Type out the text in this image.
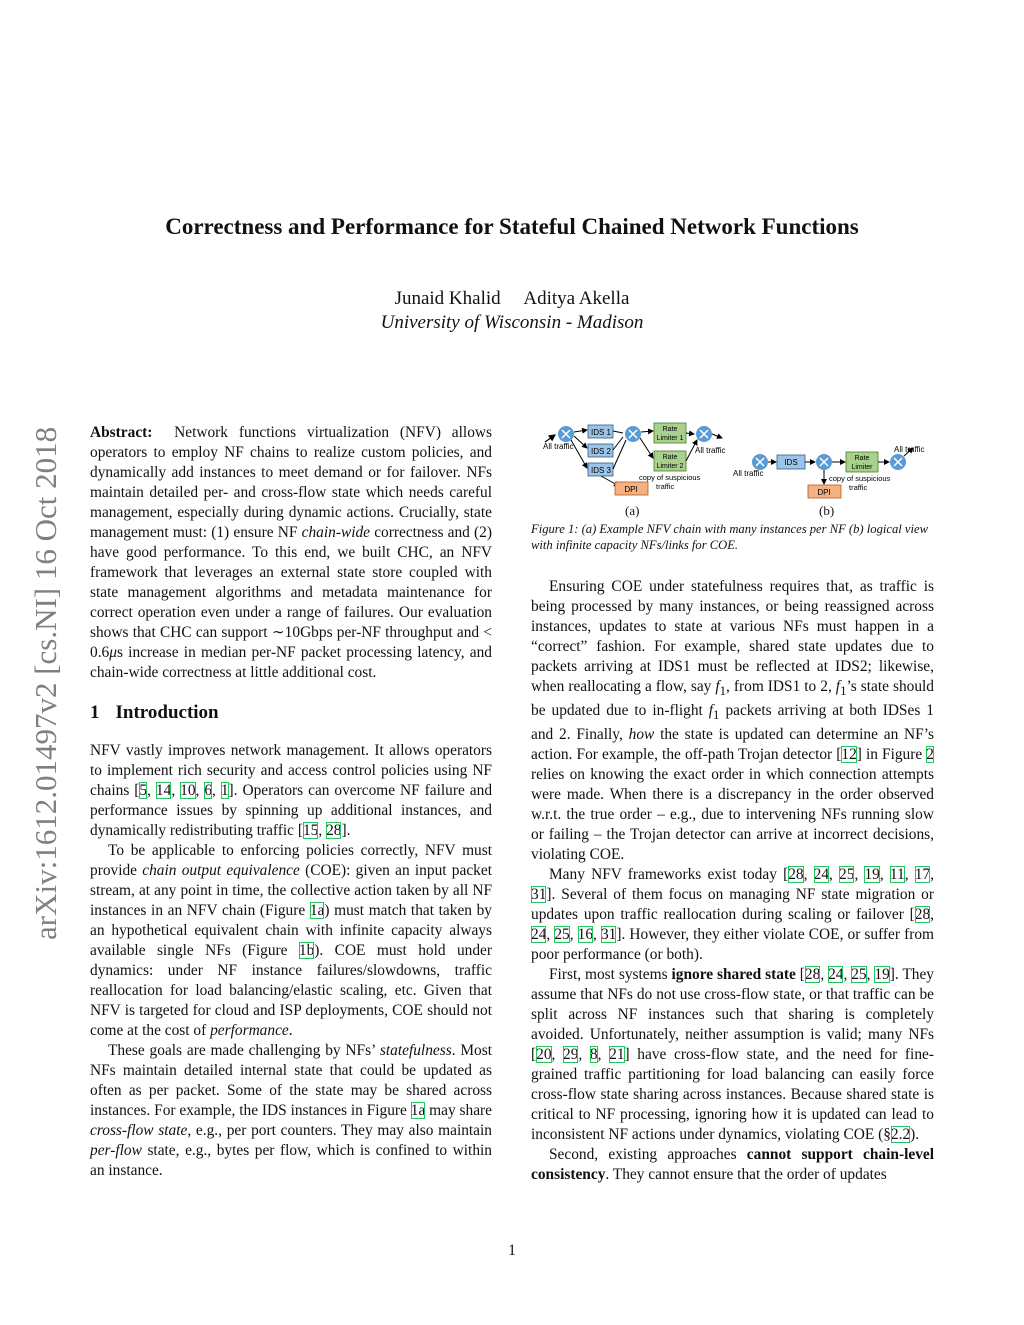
arXiv:1612.01497v2 [cs.NI] 16 Oct 2018
Correctness and Performance for Stateful Chained Network Functions
Junaid Khalid     Aditya Akella
University of Wisconsin - Madison

Abstract:  Network functions virtualization (NFV) allows operators to employ NF chains to realize custom policies, and dynamically add instances to meet demand or for failover. NFs maintain detailed per- and cross-flow state which needs careful management, especially during dynamic actions. Crucially, state management must: (1) ensure NF chain-wide correctness and (2) have good performance. To this end, we built CHC, an NFV framework that leverages an external state store coupled with state management algorithms and metadata maintenance for correct operation even under a range of failures. Our evaluation shows that CHC can support ∼10Gbps per-NF throughput and < 0.6μs increase in median per-NF packet processing latency, and chain-wide correctness at little additional cost.

1 Introduction

NFV vastly improves network management. It allows operators to implement rich security and access control policies using NF chains [5, 14, 10, 6, 1]. Operators can overcome NF failure and performance issues by spinning up additional instances, and dynamically redistributing traffic [15, 28].

To be applicable to enforcing policies correctly, NFV must provide chain output equivalence (COE): given an input packet stream, at any point in time, the collective action taken by all NF instances in an NFV chain (Figure 1a) must match that taken by an hypothetical equivalent chain with infinite capacity always available single NFs (Figure 1b). COE must hold under dynamics: under NF instance failures/slowdowns, traffic reallocation for load balancing/elastic scaling, etc. Given that NFV is targeted for cloud and ISP deployments, COE should not come at the cost of performance.

These goals are made challenging by NFs’ statefulness. Most NFs maintain detailed internal state that could be updated as often as per packet. Some of the state may be shared across instances. For example, the IDS instances in Figure 1a may share cross-flow state, e.g., per port counters. They may also maintain per-flow state, e.g., bytes per flow, which is confined to within an instance.

All traffic
IDS 1
IDS 2
IDS 3
Rate
Limiter 1
Rate
Limiter 2
All traffic
DPI
copy of suspicious
traffic
All traffic
IDS	Rate
Limiter
All traffic
DPI
copy of suspicious
traffic
(a)	(b)
Figure 1: (a) Example NFV chain with many instances per NF (b) logical view with infinite capacity NFs/links for COE.

Ensuring COE under statefulness requires that, as traffic is being processed by many instances, or being reassigned across instances, updates to state at various NFs must happen in a “correct” fashion. For example, shared state updates due to packets arriving at IDS1 must be reflected at IDS2; likewise, when reallocating a flow, say $f_1$, from IDS1 to 2, $f_1’s$ state should be updated due to in-flight $f_1$ packets arriving at both IDSes 1 and 2. Finally, how the state is updated can determine an NF’s action. For example, the off-path Trojan detector [12] in Figure 2 relies on knowing the exact order in which connection attempts were made. When there is a discrepancy in the order observed w.r.t. the true order – e.g., due to intervening NFs running slow or failing – the Trojan detector can arrive at incorrect decisions, violating COE.

Many NFV frameworks exist today [28, 24, 25, 19, 11, 17, 31]. Several of them focus on managing NF state migration or updates upon traffic reallocation during scaling or failover [28, 24, 25, 16, 31]. However, they either violate COE, or suffer from poor performance (or both).

First, most systems ignore shared state [28, 24, 25, 19]. They assume that NFs do not use cross-flow state, or that traffic can be split across NF instances such that sharing is completely avoided. Unfortunately, neither assumption is valid; many NFs [20, 29, 8, 21] have cross-flow state, and the need for fine-grained traffic partitioning for load balancing can easily force cross-flow state sharing across instances. Because shared state is critical to NF processing, ignoring how it is updated can lead to inconsistent NF actions under dynamics, violating COE (§2.2).

Second, existing approaches cannot support chain-level consistency. They cannot ensure that the order of updates

1
